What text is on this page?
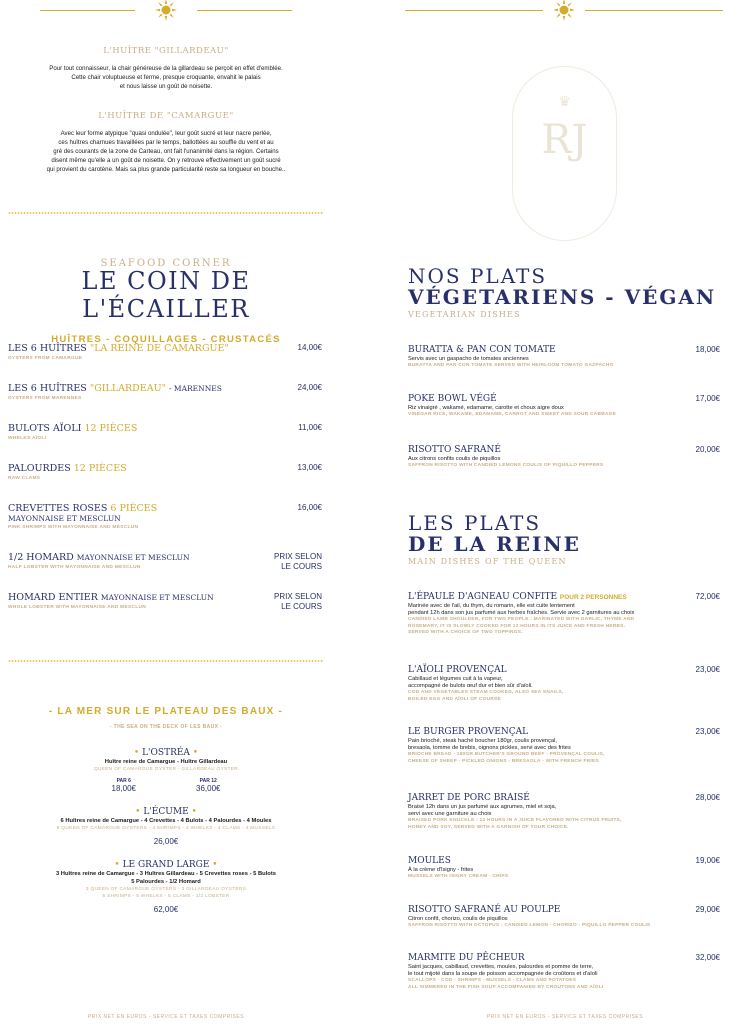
L'HUÎTRE "GILLARDEAU"
Pour tout connaisseur, la chair généreuse de la gillardeau se perçoit en effet d'emblée.
Cette chair voluptueuse et ferme, presque croquante, envahit le palais
et nous laisse un goût de noisette.
L'HUÎTRE DE "CAMARGUE"
Avec leur forme atypique "quasi ondulée", leur goût sucré et leur nacre perlée,
ces huîtres charnues travaillées par le temps, ballottées au souffle du vent et au
gré des courants de la zone de Carteau, ont fait l'unanimité dans la région. Certains
disent même qu'elle a un goût de noisette. On y retrouve effectivement un goût sucré
qui provient du carotène. Mais sa plus grande particularité reste sa longueur en bouche..
SEAFOOD CORNER
LE COIN DE L'ÉCAILLER
HUÎTRES - COQUILLAGES - CRUSTACÉS
LES 6 HUÎTRES "LA REINE DE CAMARGUE"
OYSTERS FROM CAMARGUE
14,00€
LES 6 HUÎTRES "GILLARDEAU" - MARENNES
OYSTERS FROM MARENNES
24,00€
BULOTS AÏOLI 12 PIÈCES
WHELKS AÏOLI
11,00€
PALOURDES 12 PIÈCES
RAW CLAMS
13,00€
CREVETTES ROSES 6 PIÈCES
MAYONNAISE ET MESCLUN
PINK SHRIMPS WITH MAYONNAISE AND MESCLUN
16,00€
1/2 HOMARD MAYONNAISE ET MESCLUN
HALF LOBSTER WITH MAYONNAISE AND MESCLUN
PRIX SELON
LE COURS
HOMARD ENTIER MAYONNAISE ET MESCLUN
WHOLE LOBSTER WITH MAYONNAISE AND MESCLUN
PRIX SELON
LE COURS
- LA MER SUR LE PLATEAU DES BAUX -
- THE SEA ON THE DECK OF LES BAUX -
• L'OSTRÉA •
Huître reine de Camargue - Huître Gillardeau
QUEEN OF CAMARGUE OYSTER - GILLARDEAU OYSTER
PAR 6
18,00€
PAR 12
36,00€
• L'ÉCUME •
6 Huîtres reine de Camargue - 4 Crevettes - 4 Bulots - 4 Palourdes - 4 Moules
6 QUEEN OF CAMARGUE OYSTERS - 4 SHRIMPS - 4 WHELKS - 4 CLAMS - 4 MUSSELS
26,00€
• LE GRAND LARGE •
3 Huîtres reine de Camargue - 3 Huîtres Gillardeau - 5 Crevettes roses - 5 Bulots
5 Palourdes - 1/2 Homard
3 QUEEN OF CAMARGUE OYSTERS - 3 GILLARDEAU OYSTERS
5 SHRIMPS - 5 WHELKS - 5 CLAMS - 1/2 LOBSTER
62,00€
PRIX NET EN EUROS - SERVICE ET TAXES COMPRISES
♛
RJ
NOS PLATS
VÉGETARIENS - VÉGAN
VEGETARIAN DISHES
BURATTA & PAN CON TOMATE
Servis avec un gaspacho de tomates anciennes
BURATTA AND PAN CON TOMATE SERVED WITH HEIRLOOM TOMATO GAZPACHO
18,00€
POKE BOWL VÉGÉ
Riz vinaigré , wakamé, edamame, carotte et choux aigre doux
VINEGAR RICE, WAKAME, EDAMAME, CARROT AND SWEET AND SOUR CABBAGE
17,00€
RISOTTO SAFRANÉ
Aux citrons confits coulis de piquillos
SAFFRON RISOTTO WITH CANDIED LEMONS COULIS OF PIQUILLO PEPPERS
20,00€
LES PLATS
DE LA REINE
MAIN DISHES OF THE QUEEN
L'ÉPAULE D'AGNEAU CONFITE POUR 2 PERSONNES
Marinée avec de l'ail, du thym, du romarin, elle est cuite lentement
pendant 12h dans son jus parfumé aux herbes fraîches. Servie avec 2 garnitures au choix
CANDIED LAMB SHOULDER, FOR TWO PEOPLE : MARINATED WITH GARLIC, THYME AND
ROSEMARY, IT IS SLOWLY COOKED FOR 12 HOURS IN ITS JUICE AND FRESH HERBS.
SERVED WITH A CHOICE OF TWO TOPPINGS.
72,00€
L'AÏOLI PROVENÇAL
Cabillaud et légumes cuit à la vapeur,
accompagné de bulots œuf dur et bien sûr d'aïoli.
COD AND VEGETABLES STEAM COOKED, ALSO SEA SNAILS,
BOILED EGG AND AÏOLI OF COURSE
23,00€
LE BURGER PROVENÇAL
Pain brioché, steak haché boucher 180gr, coulis provençal,
bresaola, tomme de brebis, oignons pickles, servi avec des frites
BRIOCHE BREAD - 180GR BUTCHER'S GROUND BEEF - PROVENÇAL COULIS,
CHEESE OF SHEEP - PICKLED ONIONS - BRESAOLA - WITH FRENCH FRIES
23,00€
JARRET DE PORC BRAISÉ
Braisé 12h dans un jus parfumé aux agrumes, miel et soja,
servi avec une garniture au choix
BRAISED PORK KNUCKLE : 12 HOURS IN A JUICE FLAVORED WITH CITRUS FRUITS,
HONEY AND SOY, SERVED WITH A GARNISH OF YOUR CHOICE.
28,00€
MOULES
À la crème d'Isigny - frites
MUSSELS WITH ISIGNY CREAM - CHIPS
19,00€
RISOTTO SAFRANÉ AU POULPE
Citron confit, chorizo, coulis de piquillos
SAFFRON RISOTTO WITH OCTOPUS - CANDIED LEMON - CHORIZO - PIQUILLO PEPPER COULIS
29,00€
MARMITE DU PÊCHEUR
Saint jacques, cabillaud, crevettes, moules, palourdes et pomme de terre,
le tout mijoté dans la soupe de poisson accompagnée de croûtons et d'aïoli
SCALLOPS - COD - SHRIMPS - MUSSELS - CLAMS AND POTATOES
ALL SIMMERED IN THE FISH SOUP ACCOMPANIED BY CROUTONS AND AÏOLI
32,00€
PRIX NET EN EUROS - SERVICE ET TAXES COMPRISES
